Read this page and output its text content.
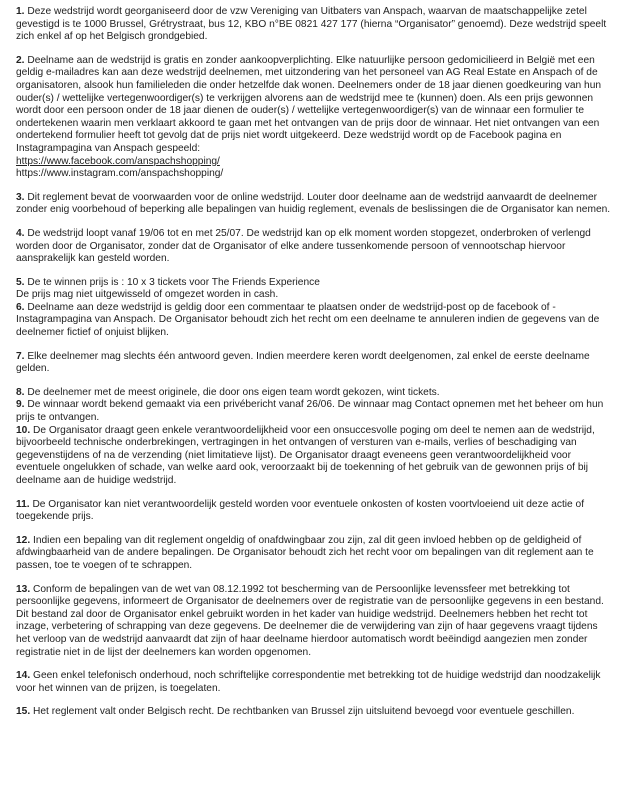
1. Deze wedstrijd wordt georganiseerd door de vzw Vereniging van Uitbaters van Anspach, waarvan de maatschappelijke zetel gevestigd is te 1000 Brussel, Grétrystraat, bus 12, KBO n°BE 0821 427 177 (hierna “Organisator” genoemd). Deze wedstrijd speelt zich enkel af op het Belgisch grondgebied.

2. Deelname aan de wedstrijd is gratis en zonder aankoopverplichting. Elke natuurlijke persoon gedomicilieerd in België met een geldig e-mailadres kan aan deze wedstrijd deelnemen, met uitzondering van het personeel van AG Real Estate en Anspach of de organisatoren, alsook hun familieleden die onder hetzelfde dak wonen. Deelnemers onder de 18 jaar dienen goedkeuring van hun ouder(s) / wettelijke vertegenwoordiger(s) te verkrijgen alvorens aan de wedstrijd mee te (kunnen) doen. Als een prijs gewonnen wordt door een persoon onder de 18 jaar dienen de ouder(s) / wettelijke vertegenwoordiger(s) van de winnaar een formulier te ondertekenen waarin men verklaart akkoord te gaan met het ontvangen van de prijs door de winnaar. Het niet ontvangen van een ondertekend formulier heeft tot gevolg dat de prijs niet wordt uitgekeerd. Deze wedstrijd wordt op de Facebook pagina en Instagrampagina van Anspach gespeeld:
https://www.facebook.com/anspachshopping/
https://www.instagram.com/anspachshopping/

3. Dit reglement bevat de voorwaarden voor de online wedstrijd. Louter door deelname aan de wedstrijd aanvaardt de deelnemer zonder enig voorbehoud of beperking alle bepalingen van huidig reglement, evenals de beslissingen die de Organisator kan nemen.

4. De wedstrijd loopt vanaf 19/06 tot en met 25/07. De wedstrijd kan op elk moment worden stopgezet, onderbroken of verlengd worden door de Organisator, zonder dat de Organisator of elke andere tussenkomende persoon of vennootschap hiervoor aansprakelijk kan gesteld worden.

5. De te winnen prijs is : 10 x 3 tickets voor The Friends Experience
De prijs mag niet uitgewisseld of omgezet worden in cash.

6. Deelname aan deze wedstrijd is geldig door een commentaar te plaatsen onder de wedstrijd-post op de facebook of -Instagrampagina van Anspach. De Organisator behoudt zich het recht om een deelname te annuleren indien de gegevens van de deelnemer fictief of onjuist blijken.

7. Elke deelnemer mag slechts één antwoord geven. Indien meerdere keren wordt deelgenomen, zal enkel de eerste deelname gelden.

8. De deelnemer met de meest originele, die door ons eigen team wordt gekozen, wint tickets.

9. De winnaar wordt bekend gemaakt via een privébericht vanaf 26/06. De winnaar mag Contact opnemen met het beheer om hun prijs te ontvangen.

10. De Organisator draagt geen enkele verantwoordelijkheid voor een onsuccesvolle poging om deel te nemen aan de wedstrijd, bijvoorbeeld technische onderbrekingen, vertragingen in het ontvangen of versturen van e-mails, verlies of beschadiging van gegevenstijdens of na de verzending (niet limitatieve lijst). De Organisator draagt eveneens geen verantwoordelijkheid voor eventuele ongelukken of schade, van welke aard ook, veroorzaakt bij de toekenning of het gebruik van de gewonnen prijs of bij deelname aan de huidige wedstrijd.

11. De Organisator kan niet verantwoordelijk gesteld worden voor eventuele onkosten of kosten voortvloeiend uit deze actie of toegekende prijs.

12. Indien een bepaling van dit reglement ongeldig of onafdwingbaar zou zijn, zal dit geen invloed hebben op de geldigheid of afdwingbaarheid van de andere bepalingen. De Organisator behoudt zich het recht voor om bepalingen van dit reglement aan te passen, toe te voegen of te schrappen.

13. Conform de bepalingen van de wet van 08.12.1992 tot bescherming van de Persoonlijke levenssfeer met betrekking tot persoonlijke gegevens, informeert de Organisator de deelnemers over de registratie van de persoonlijke gegevens in een bestand. Dit bestand zal door de Organisator enkel gebruikt worden in het kader van huidige wedstrijd. Deelnemers hebben het recht tot inzage, verbetering of schrapping van deze gegevens. De deelnemer die de verwijdering van zijn of haar gegevens vraagt tijdens het verloop van de wedstrijd aanvaardt dat zijn of haar deelname hierdoor automatisch wordt beëindigd aangezien men zonder registratie niet in de lijst der deelnemers kan worden opgenomen.

14. Geen enkel telefonisch onderhoud, noch schriftelijke correspondentie met betrekking tot de huidige wedstrijd dan noodzakelijk voor het winnen van de prijzen, is toegelaten.

15. Het reglement valt onder Belgisch recht. De rechtbanken van Brussel zijn uitsluitend bevoegd voor eventuele geschillen.
